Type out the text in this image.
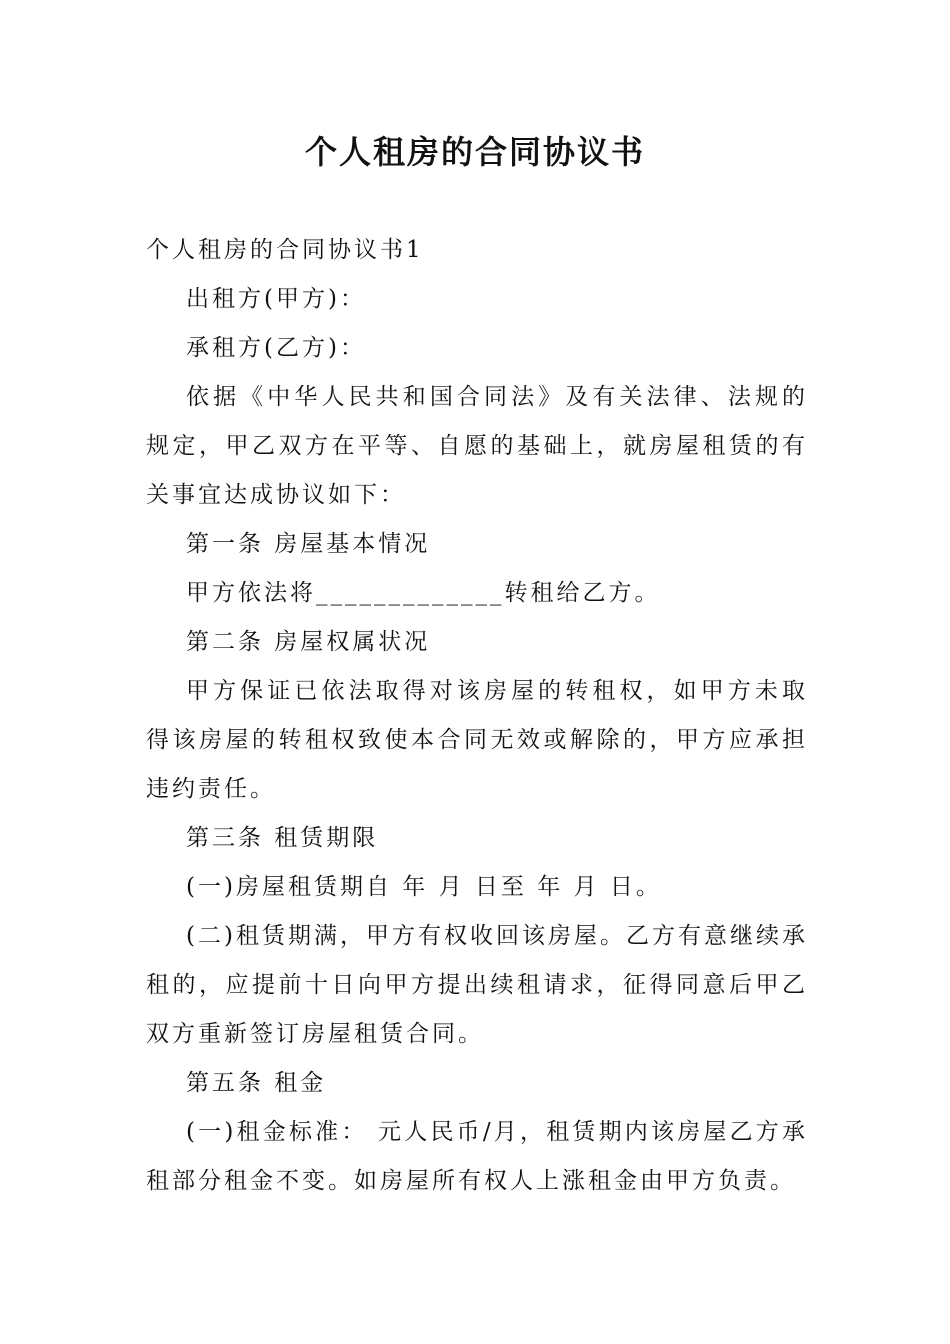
个人租房的合同协议书

个人租房的合同协议书1

出租方(甲方)：

承租方(乙方)：

依据《中华人民共和国合同法》及有关法律、法规的规定，甲乙双方在平等、自愿的基础上，就房屋租赁的有关事宜达成协议如下：

第一条 房屋基本情况

甲方依法将_____________转租给乙方。

第二条 房屋权属状况

甲方保证已依法取得对该房屋的转租权，如甲方未取得该房屋的转租权致使本合同无效或解除的，甲方应承担违约责任。

第三条 租赁期限

(一)房屋租赁期自 年 月 日至 年 月 日。

(二)租赁期满，甲方有权收回该房屋。乙方有意继续承租的，应提前十日向甲方提出续租请求，征得同意后甲乙双方重新签订房屋租赁合同。

第五条 租金

(一)租金标准： 元人民币/月，租赁期内该房屋乙方承租部分租金不变。如房屋所有权人上涨租金由甲方负责。
